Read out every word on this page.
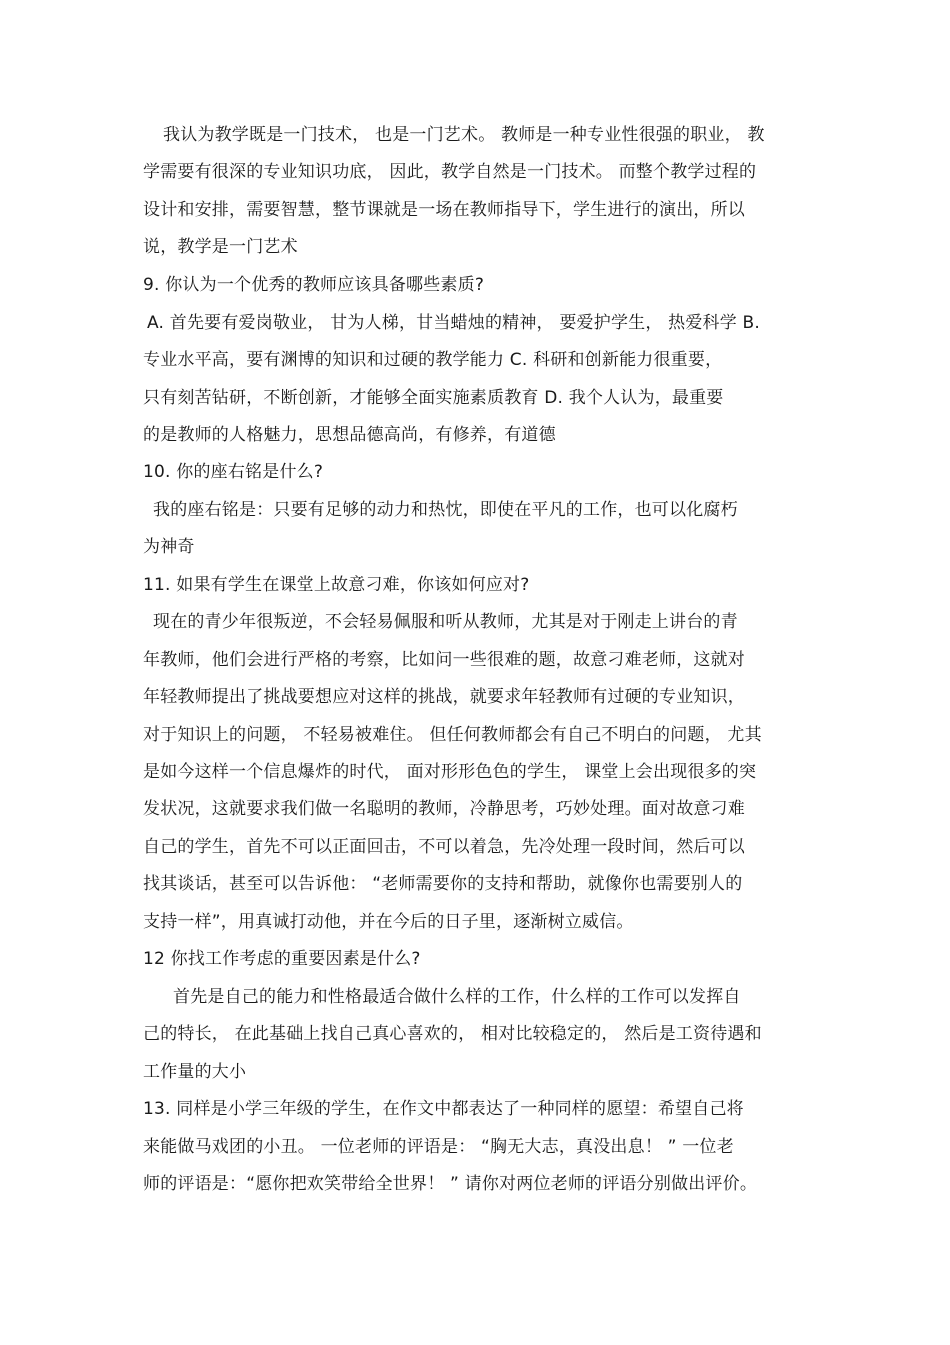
我认为教学既是一门技术， 也是一门艺术。 教师是一种专业性很强的职业， 教
学需要有很深的专业知识功底， 因此，教学自然是一门技术。 而整个教学过程的
设计和安排，需要智慧，整节课就是一场在教师指导下，学生进行的演出，所以
说，教学是一门艺术
9. 你认为一个优秀的教师应该具备哪些素质?
A. 首先要有爱岗敬业， 甘为人梯，甘当蜡烛的精神， 要爱护学生， 热爱科学 B.
专业水平高，要有渊博的知识和过硬的教学能力 C. 科研和创新能力很重要，
只有刻苦钻研，不断创新，才能够全面实施素质教育 D. 我个人认为，最重要
的是教师的人格魅力，思想品德高尚，有修养，有道德
10. 你的座右铭是什么?
我的座右铭是：只要有足够的动力和热忱，即使在平凡的工作，也可以化腐朽
为神奇
11. 如果有学生在课堂上故意刁难，你该如何应对?
现在的青少年很叛逆，不会轻易佩服和听从教师，尤其是对于刚走上讲台的青
年教师，他们会进行严格的考察，比如问一些很难的题，故意刁难老师，这就对
年轻教师提出了挑战要想应对这样的挑战，就要求年轻教师有过硬的专业知识，
对于知识上的问题， 不轻易被难住。 但任何教师都会有自己不明白的问题， 尤其
是如今这样一个信息爆炸的时代， 面对形形色色的学生， 课堂上会出现很多的突
发状况，这就要求我们做一名聪明的教师，冷静思考，巧妙处理。面对故意刁难
自己的学生，首先不可以正面回击，不可以着急，先冷处理一段时间，然后可以
找其谈话，甚至可以告诉他： “老师需要你的支持和帮助，就像你也需要别人的
支持一样”，用真诚打动他，并在今后的日子里，逐渐树立威信。
12 你找工作考虑的重要因素是什么?
首先是自己的能力和性格最适合做什么样的工作，什么样的工作可以发挥自
己的特长， 在此基础上找自己真心喜欢的， 相对比较稳定的， 然后是工资待遇和
工作量的大小
13. 同样是小学三年级的学生，在作文中都表达了一种同样的愿望：希望自己将
来能做马戏团的小丑。 一位老师的评语是： “胸无大志，真没出息！ ” 一位老
师的评语是：“愿你把欢笑带给全世界！ ” 请你对两位老师的评语分别做出评价。
